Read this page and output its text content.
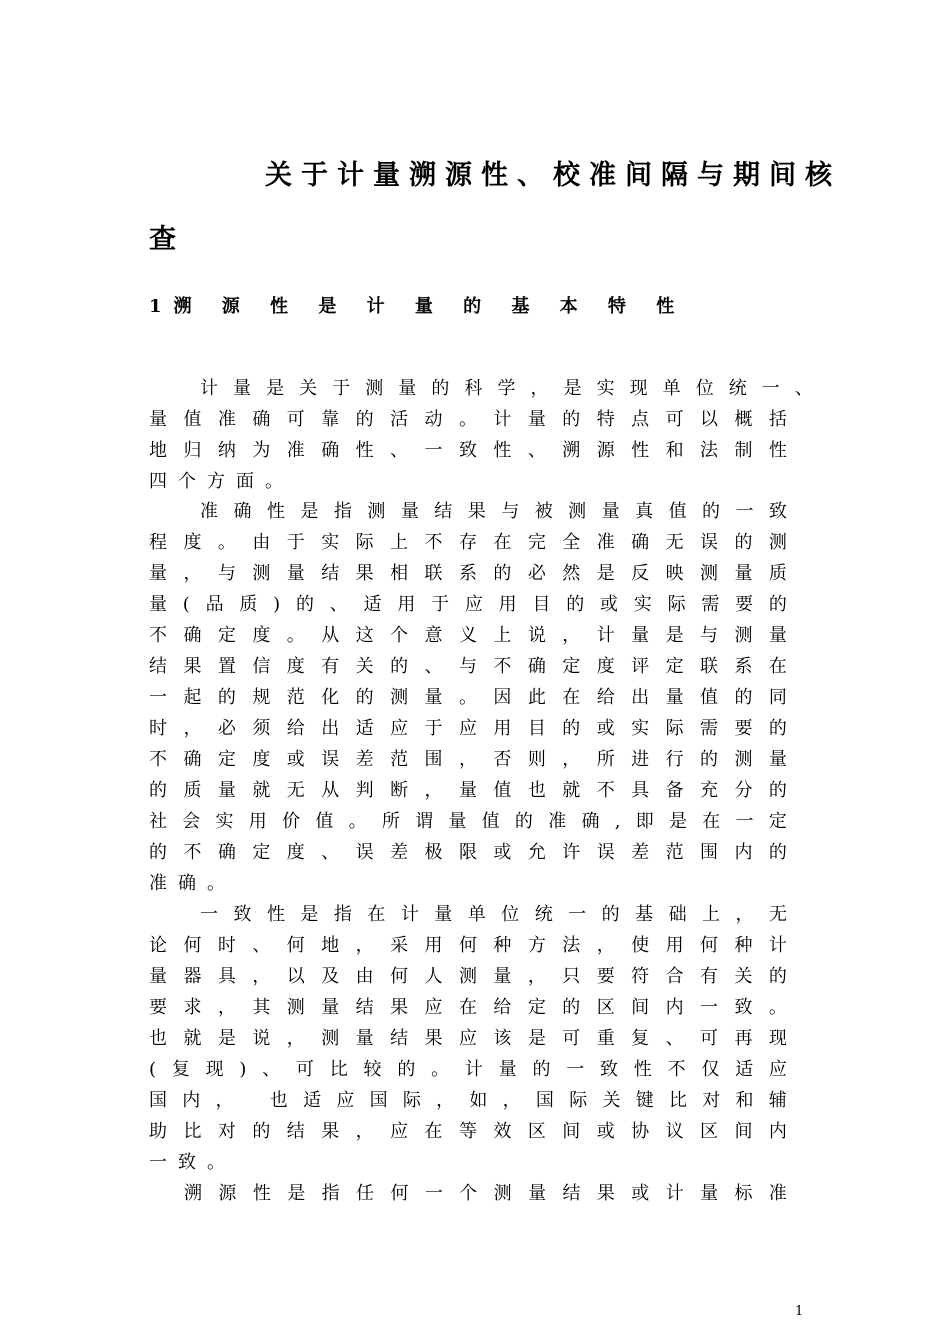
关于计量溯源性、校准间隔与期间核
查
1溯 源 性 是 计 量 的 基 本 特 性
计 量 是 关 于 测 量 的 科 学 ， 是 实 现 单 位 统 一 、
量 值 准 确 可 靠 的 活 动 。 计 量 的 特 点 可 以 概 括
地 归 纳 为 准 确 性 、 一 致 性 、 溯 源 性 和 法 制 性
四个方面。
准 确 性 是 指 测 量 结 果 与 被 测 量 真 值 的 一 致
程 度 。 由 于 实 际 上 不 存 在 完 全 准 确 无 误 的 测
量 ， 与 测 量 结 果 相 联 系 的 必 然 是 反 映 测 量 质
量 ( 品 质 ) 的 、 适 用 于 应 用 目 的 或 实 际 需 要 的
不 确 定 度 。 从 这 个 意 义 上 说 ， 计 量 是 与 测 量
结 果 置 信 度 有 关 的 、 与 不 确 定 度 评 定 联 系 在
一 起 的 规 范 化 的 测 量 。 因 此 在 给 出 量 值 的 同
时 ， 必 须 给 出 适 应 于 应 用 目 的 或 实 际 需 要 的
不 确 定 度 或 误 差 范 围 ， 否 则 ， 所 进 行 的 测 量
的 质 量 就 无 从 判 断 ， 量 值 也 就 不 具 备 充 分 的
社 会 实 用 价 值 。 所 谓 量 值 的 准 确 , 即 是 在 一 定
的 不 确 定 度 、 误 差 极 限 或 允 许 误 差 范 围 内 的
准确。
一 致 性 是 指 在 计 量 单 位 统 一 的 基 础 上 ， 无
论 何 时 、 何 地 ， 采 用 何 种 方 法 ， 使 用 何 种 计
量 器 具 ， 以 及 由 何 人 测 量 ， 只 要 符 合 有 关 的
要 求 ， 其 测 量 结 果 应 在 给 定 的 区 间 内 一 致 。
也 就 是 说 ， 测 量 结 果 应 该 是 可 重 复 、 可 再 现
( 复 现 ) 、 可 比 较 的 。 计 量 的 一 致 性 不 仅 适 应
国 内 ，
也 适 应 国 际 ， 如 ， 国 际 关 键 比 对 和 辅
助 比 对 的 结 果 ， 应 在 等 效 区 间 或 协 议 区 间 内
一致。
溯 源 性 是 指 任 何 一 个 测 量 结 果 或 计 量 标 准
1
